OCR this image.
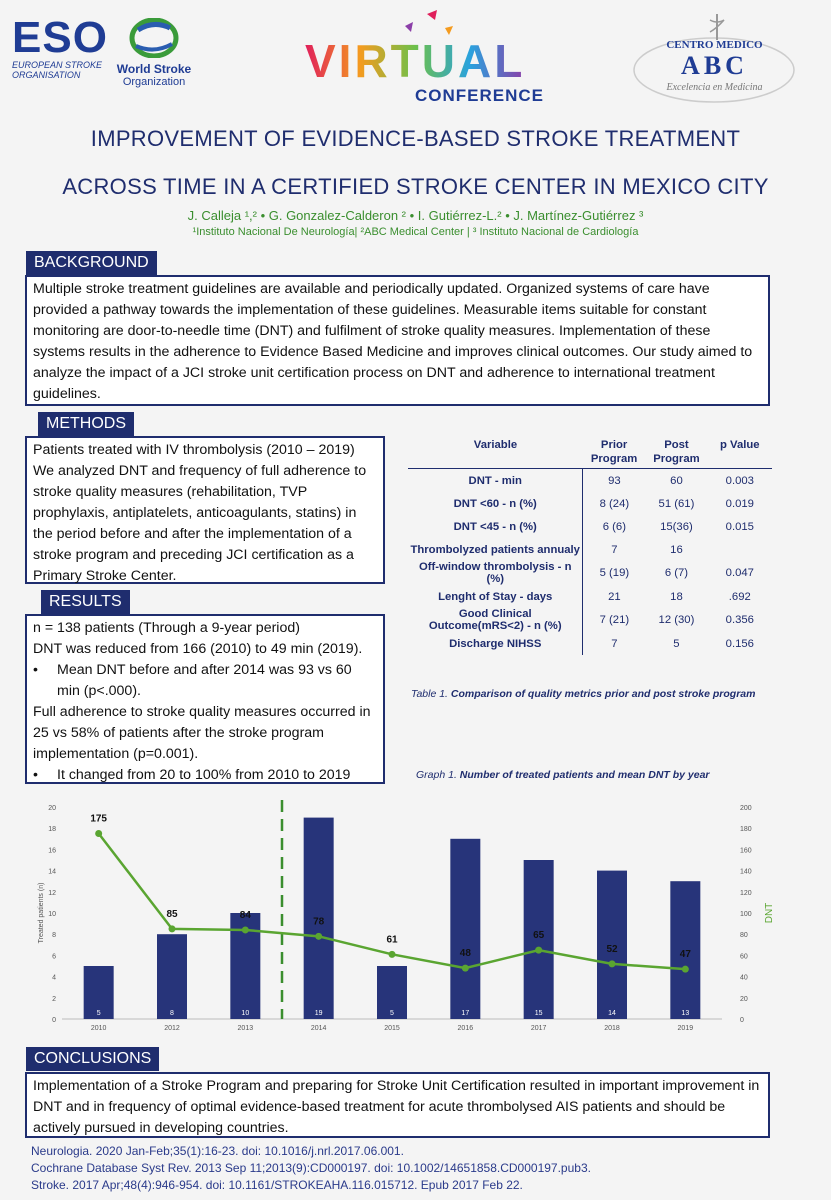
ESO
EUROPEAN STROKE
ORGANISATION	World Stroke
Organization	VIRTUAL
CONFERENCE
CENTRO MEDICO
ABC
Excelencia en Medicina
IMPROVEMENT OF EVIDENCE-BASED STROKE TREATMENT
ACROSS TIME IN A CERTIFIED STROKE CENTER IN MEXICO CITY
J. Calleja ¹,² • G. Gonzalez-Calderon ² • I. Gutiérrez-L.² • J. Martínez-Gutiérrez ³
¹Instituto Nacional De Neurología| ²ABC Medical Center | ³ Instituto Nacional de Cardiología
BACKGROUND
Multiple stroke treatment guidelines are available and periodically updated. Organized systems of care have provided a pathway towards the implementation of these guidelines. Measurable items suitable for constant monitoring are door-to-needle time (DNT) and fulfilment of stroke quality measures. Implementation of these systems results in the adherence to Evidence Based Medicine and improves clinical outcomes. Our study aimed to analyze the impact of a JCI stroke unit certification process on DNT and adherence to international treatment guidelines.
METHODS
Patients treated with IV thrombolysis (2010 – 2019)
We analyzed DNT and frequency of full adherence to stroke quality measures (rehabilitation, TVP prophylaxis, antiplatelets, anticoagulants, statins) in the period before and after the implementation of a stroke program and preceding JCI certification as a Primary Stroke Center.
RESULTS
n = 138 patients (Through a 9-year period)
DNT was reduced from 166 (2010) to 49 min (2019).
•	Mean DNT before and after 2014 was 93 vs 60 min (p<.000).
Full adherence to stroke quality measures occurred in 25 vs 58% of patients after the stroke program implementation (p=0.001).
•	It changed from 20 to 100% from 2010 to 2019
Variable	Prior Program	Post Program	p Value
DNT - min	93	60	0.003
DNT <60 - n (%)	8 (24)	51 (61)	0.019
DNT <45 - n (%)	6 (6)	15(36)	0.015
Thrombolyzed patients annualy	7	16	
Off-window thrombolysis - n (%)	5 (19)	6 (7)	0.047
Lenght of Stay - days	21	18	.692
Good Clinical Outcome(mRS<2) - n (%)	7 (21)	12 (30)	0.356
Discharge NIHSS	7	5	0.156
Table 1. Comparison of quality metrics prior and post stroke program
Graph 1. Number of treated patients and mean DNT by year
0
2
4
6
8
10
12
14
16
18
20
0
20
40
60
80
100
120
140
160
180
200
Treated patients (n)	DNT
5
2010
8
2012
10
2013
19
2014
5
2015
17
2016
15
2017
14
2018
13
2019
175
85	84
78
61
48
65
52	47
CONCLUSIONS
Implementation of a Stroke Program and preparing for Stroke Unit Certification resulted in important improvement in DNT and in frequency of optimal evidence-based treatment for acute thrombolysed AIS patients and should be actively pursued in developing countries.
Neurologia. 2020 Jan-Feb;35(1):16-23. doi: 10.1016/j.nrl.2017.06.001.
Cochrane Database Syst Rev. 2013 Sep 11;2013(9):CD000197. doi: 10.1002/14651858.CD000197.pub3.
Stroke. 2017 Apr;48(4):946-954. doi: 10.1161/STROKEAHA.116.015712. Epub 2017 Feb 22.
